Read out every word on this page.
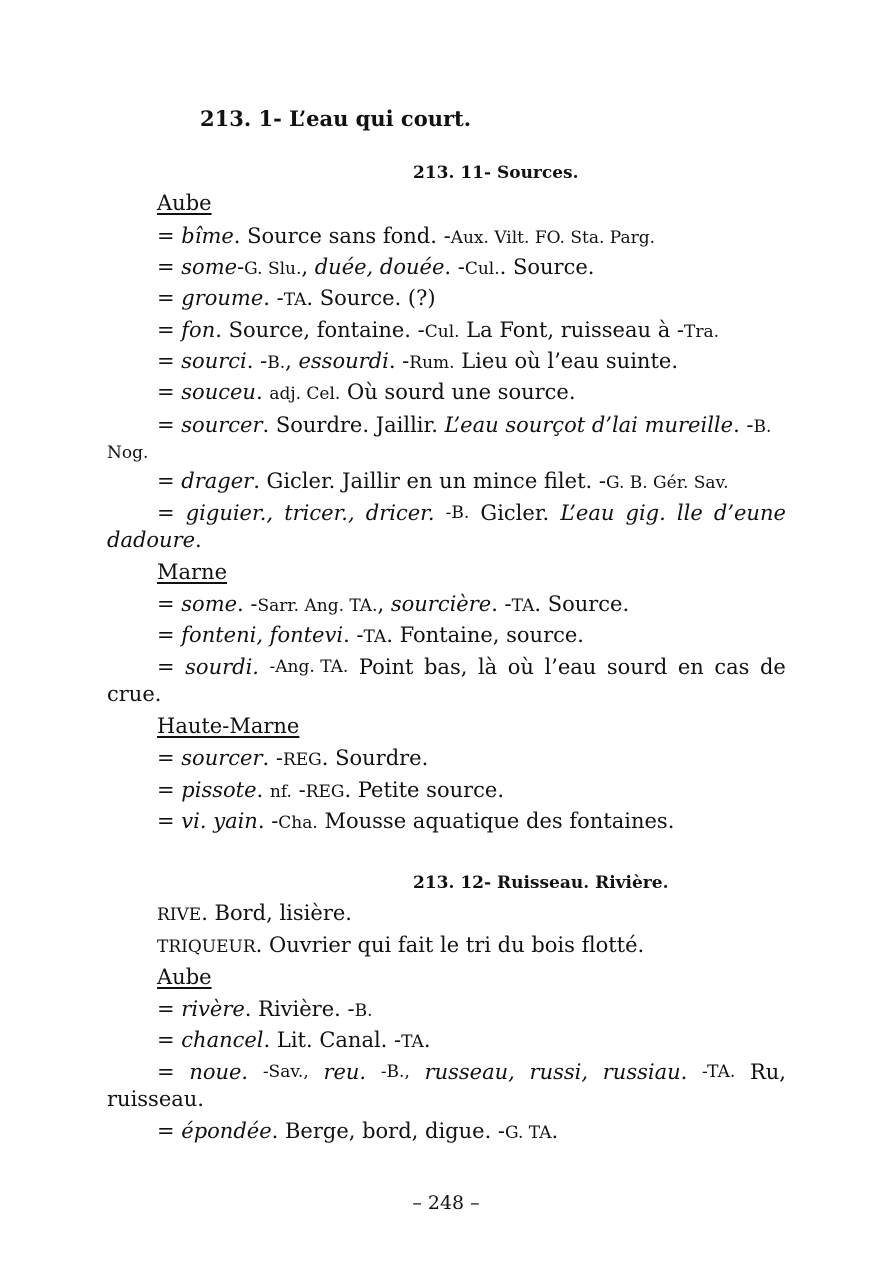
213. 1- L’eau qui court.
213. 11- Sources.
Aube
= bîme. Source sans fond. -Aux. Vilt. FO. Sta. Parg.
= some-G. Slu., duée, douée. -Cul.. Source.
= groume. -TA. Source. (?)
= fon. Source, fontaine. -Cul. La Font, ruisseau à -Tra.
= sourci. -B., essourdi. -Rum. Lieu où l’eau suinte.
= souceu. adj. Cel. Où sourd une source.
= sourcer. Sourdre. Jaillir. L’eau sourçot d’lai mureille. -B.
Nog.
= drager. Gicler. Jaillir en un mince filet. -G. B. Gér. Sav.
= giguier., tricer., dricer. -B. Gicler. L’eau gig. lle d’eune
dadoure.
Marne
= some. -Sarr. Ang. TA., sourcière. -TA. Source.
= fonteni, fontevi. -TA. Fontaine, source.
= sourdi. -Ang. TA. Point bas, là où l’eau sourd en cas de
crue.
Haute-Marne
= sourcer. -REG. Sourdre.
= pissote. nf. -REG. Petite source.
= vi. yain. -Cha. Mousse aquatique des fontaines.
213. 12- Ruisseau. Rivière.
RIVE. Bord, lisière.
TRIQUEUR. Ouvrier qui fait le tri du bois flotté.
Aube
= rivère. Rivière. -B.
= chancel. Lit. Canal. -TA.
= noue. -Sav., reu. -B., russeau, russi, russiau. -TA. Ru,
ruisseau.
= épondée. Berge, bord, digue. -G. TA.
– 248 –
